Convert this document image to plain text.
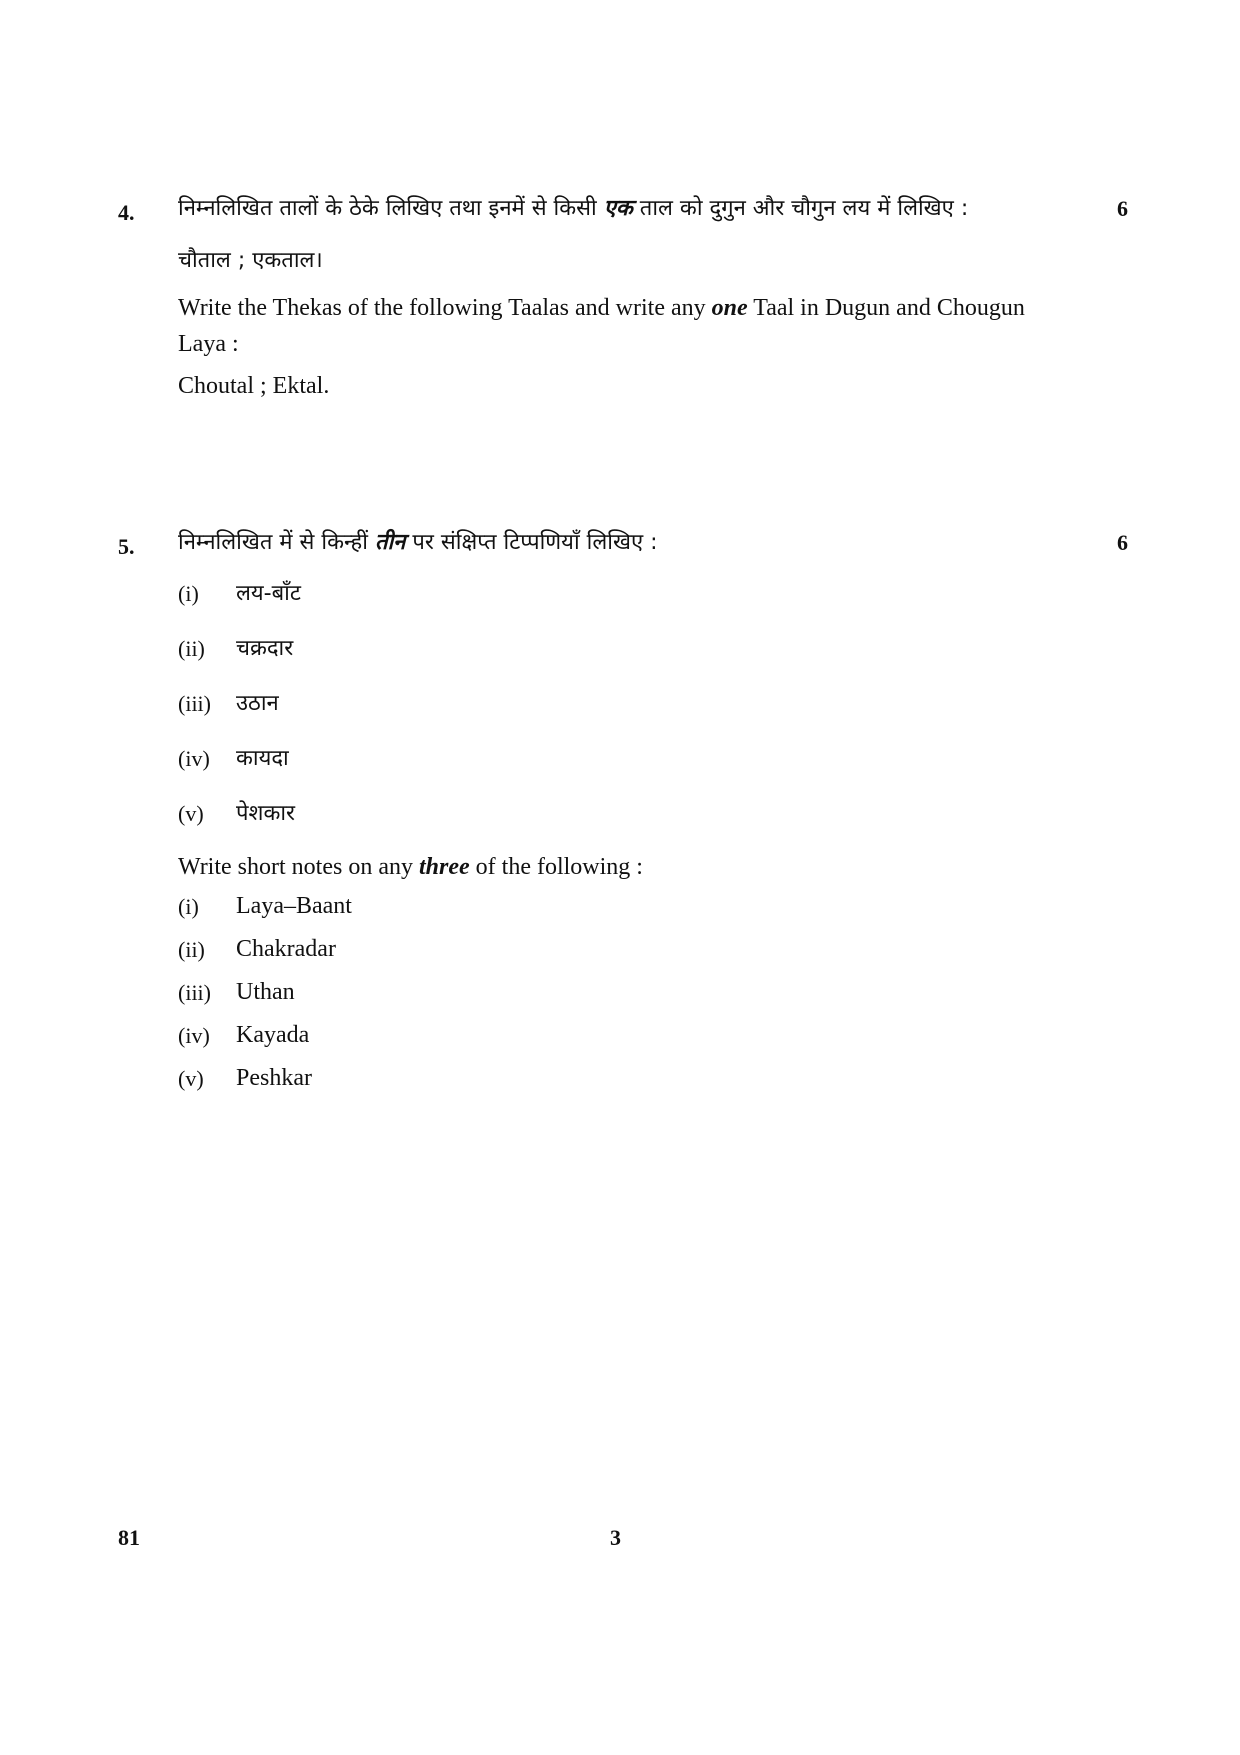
4.	6

निम्नलिखित तालों के ठेके लिखिए तथा इनमें से किसी एक ताल को दुगुन और चौगुन लय में लिखिए :

चौताल ; एकताल।

Write the Thekas of the following Taalas and write any one Taal in Dugun and Chougun Laya :

Choutal ; Ektal.

5.	6

निम्नलिखित में से किन्हीं तीन पर संक्षिप्त टिप्पणियाँ लिखिए :

(i)	लय-बाँट
(ii)	चक्रदार
(iii)	उठान
(iv)	कायदा
(v)	पेशकार

Write short notes on any three of the following :

(i)	Laya–Baant
(ii)	Chakradar
(iii)	Uthan
(iv)	Kayada
(v)	Peshkar
81	3
